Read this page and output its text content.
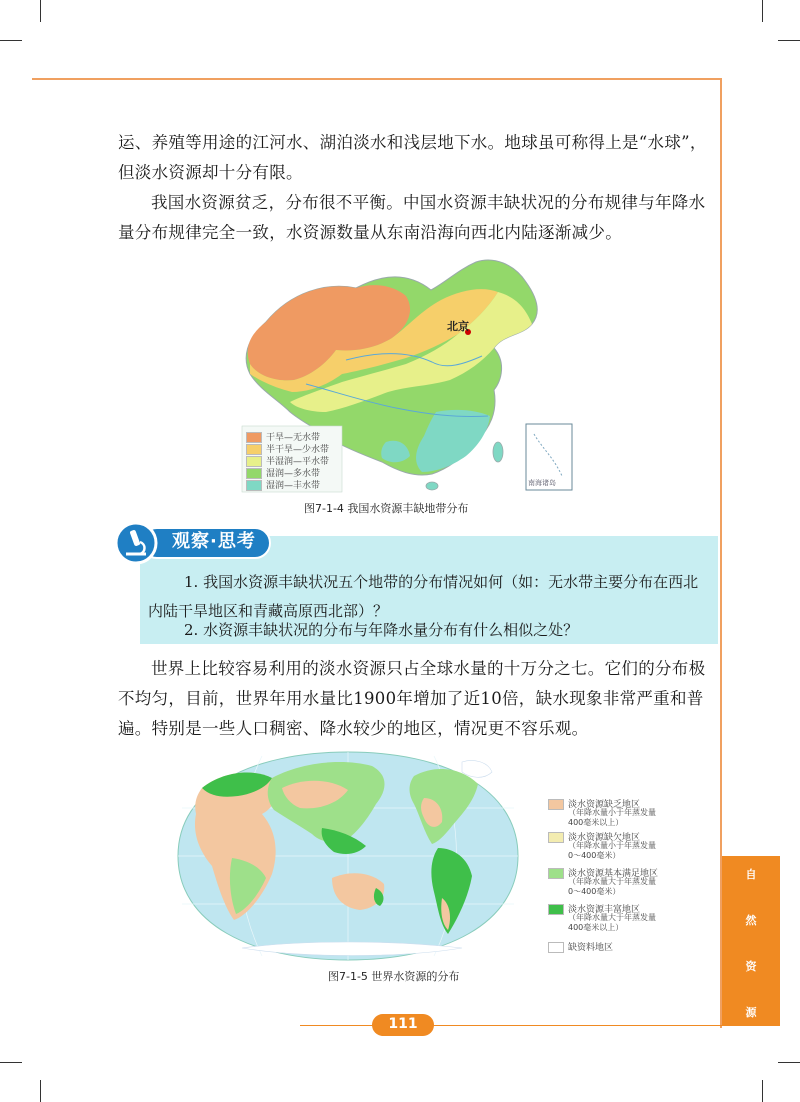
运、养殖等用途的江河水、湖泊淡水和浅层地下水。地球虽可称得上是“水球”，但淡水资源却十分有限。

我国水资源贫乏，分布很不平衡。中国水资源丰缺状况的分布规律与年降水量分布规律完全一致，水资源数量从东南沿海向西北内陆逐渐减少。

北京
南海诸岛
干旱—无水带
半干旱—少水带
半湿润—平水带
湿润—多水带
湿润—丰水带
图7-1-4 我国水资源丰缺地带分布
观察·思考

1. 我国水资源丰缺状况五个地带的分布情况如何（如：无水带主要分布在西北内陆干旱地区和青藏高原西北部）？

2. 水资源丰缺状况的分布与年降水量分布有什么相似之处？

世界上比较容易利用的淡水资源只占全球水量的十万分之七。它们的分布极不均匀，目前，世界年用水量比1900年增加了近10倍，缺水现象非常严重和普遍。特别是一些人口稠密、降水较少的地区，情况更不容乐观。

淡水资源缺乏地区
（年降水量小于年蒸发量400毫米以上）
淡水资源缺欠地区
（年降水量小于年蒸发量0～400毫米）
淡水资源基本满足地区
（年降水量大于年蒸发量0～400毫米）
淡水资源丰富地区
（年降水量大于年蒸发量400毫米以上）
缺资料地区
图7-1-5 世界水资源的分布
自
然
资
源
111
